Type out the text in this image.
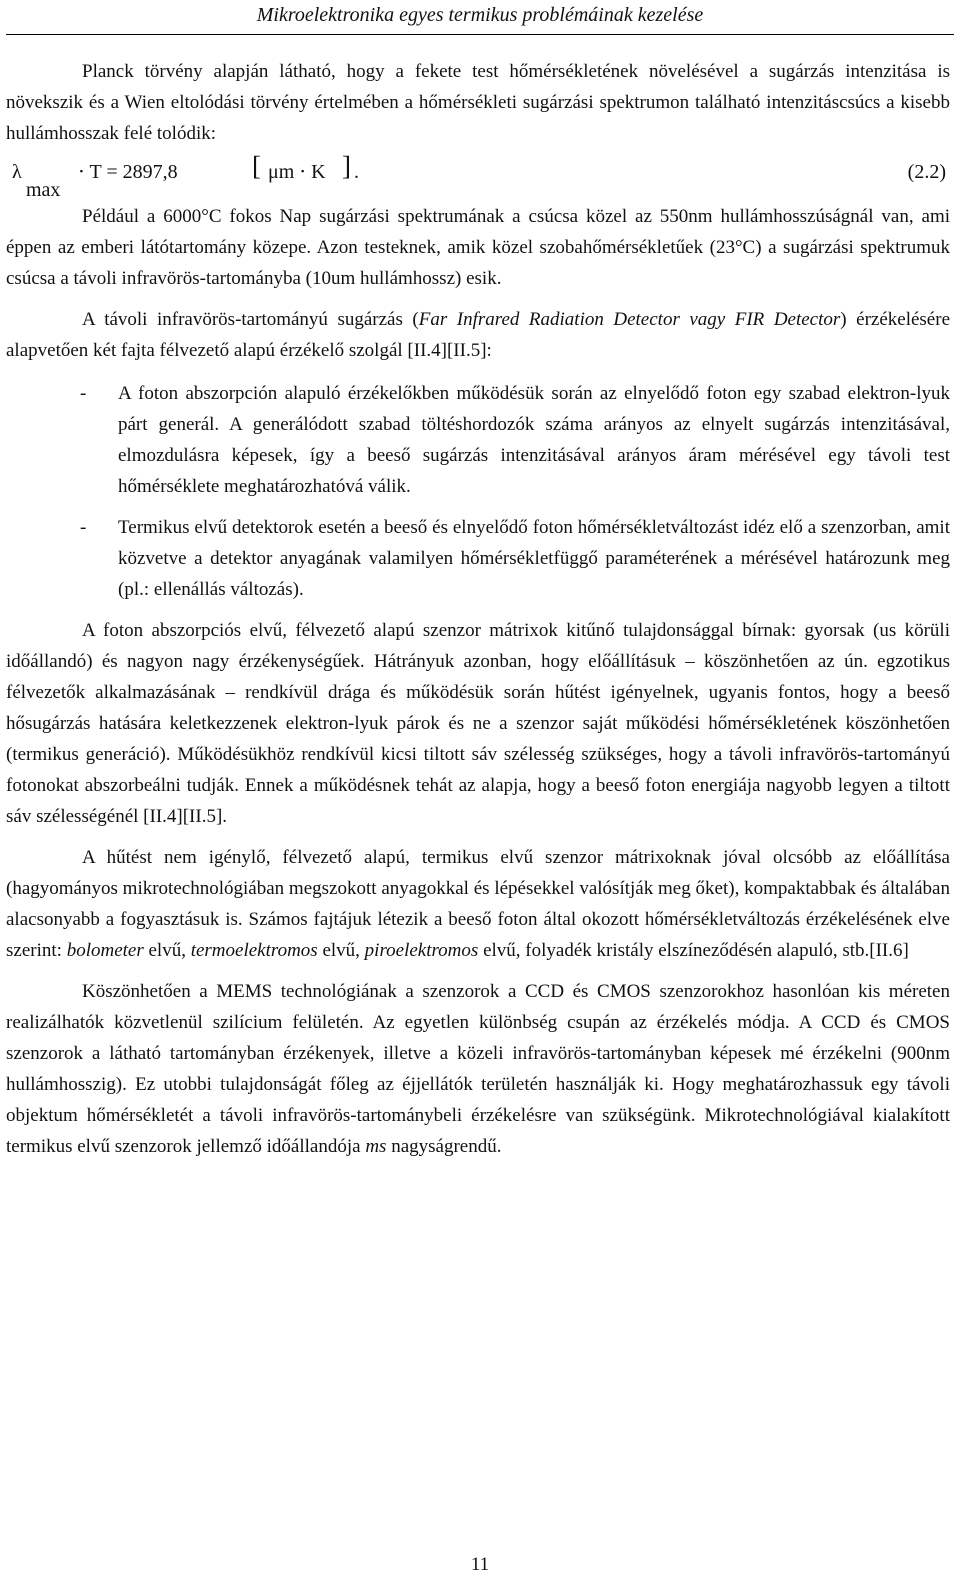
Mikroelektronika egyes termikus problémáinak kezelése

Planck törvény alapján látható, hogy a fekete test hőmérsékletének növelésével a sugárzás intenzitása is növekszik és a Wien eltolódási törvény értelmében a hőmérsékleti sugárzási spektrumon található intenzitáscsúcs a kisebb hullámhosszak felé tolódik:

λ
max
⋅ T = 2897,8	[ μm ⋅ K ] .	(2.2)

Például a 6000°C fokos Nap sugárzási spektrumának a csúcsa közel az 550nm hullámhosszúságnál van, ami éppen az emberi látótartomány közepe. Azon testeknek, amik közel szobahőmérsékletűek (23°C) a sugárzási spektrumuk csúcsa a távoli infravörös-tartományba (10um hullámhossz) esik.

A távoli infravörös-tartományú sugárzás (Far Infrared Radiation Detector vagy FIR Detector) érzékelésére alapvetően két fajta félvezető alapú érzékelő szolgál [II.4][II.5]:

- A foton abszorpción alapuló érzékelőkben működésük során az elnyelődő foton egy szabad elektron-lyuk párt generál. A generálódott szabad töltéshordozók száma arányos az elnyelt sugárzás intenzitásával, elmozdulásra képesek, így a beeső sugárzás intenzitásával arányos áram mérésével egy távoli test hőmérséklete meghatározhatóvá válik.
- Termikus elvű detektorok esetén a beeső és elnyelődő foton hőmérsékletváltozást idéz elő a szenzorban, amit közvetve a detektor anyagának valamilyen hőmérsékletfüggő paraméterének a mérésével határozunk meg (pl.: ellenállás változás).

A foton abszorpciós elvű, félvezető alapú szenzor mátrixok kitűnő tulajdonsággal bírnak: gyorsak (us körüli időállandó) és nagyon nagy érzékenységűek. Hátrányuk azonban, hogy előállításuk – köszönhetően az ún. egzotikus félvezetők alkalmazásának – rendkívül drága és működésük során hűtést igényelnek, ugyanis fontos, hogy a beeső hősugárzás hatására keletkezzenek elektron-lyuk párok és ne a szenzor saját működési hőmérsékletének köszönhetően (termikus generáció). Működésükhöz rendkívül kicsi tiltott sáv szélesség szükséges, hogy a távoli infravörös-tartományú fotonokat abszorbeálni tudják. Ennek a működésnek tehát az alapja, hogy a beeső foton energiája nagyobb legyen a tiltott sáv szélességénél [II.4][II.5].

A hűtést nem igénylő, félvezető alapú, termikus elvű szenzor mátrixoknak jóval olcsóbb az előállítása (hagyományos mikrotechnológiában megszokott anyagokkal és lépésekkel valósítják meg őket), kompaktabbak és általában alacsonyabb a fogyasztásuk is. Számos fajtájuk létezik a beeső foton által okozott hőmérsékletváltozás érzékelésének elve szerint: bolometer elvű, termoelektromos elvű, piroelektromos elvű, folyadék kristály elszíneződésén alapuló, stb.[II.6]

Köszönhetően a MEMS technológiának a szenzorok a CCD és CMOS szenzorokhoz hasonlóan kis méreten realizálhatók közvetlenül szilícium felületén. Az egyetlen különbség csupán az érzékelés módja. A CCD és CMOS szenzorok a látható tartományban érzékenyek, illetve a közeli infravörös-tartományban képesek mé érzékelni (900nm hullámhosszig). Ez utobbi tulajdonságát főleg az éjjellátók területén használják ki. Hogy meghatározhassuk egy távoli objektum hőmérsékletét a távoli infravörös-tartománybeli érzékelésre van szükségünk. Mikrotechnológiával kialakított termikus elvű szenzorok jellemző időállandója ms nagyságrendű.

11
